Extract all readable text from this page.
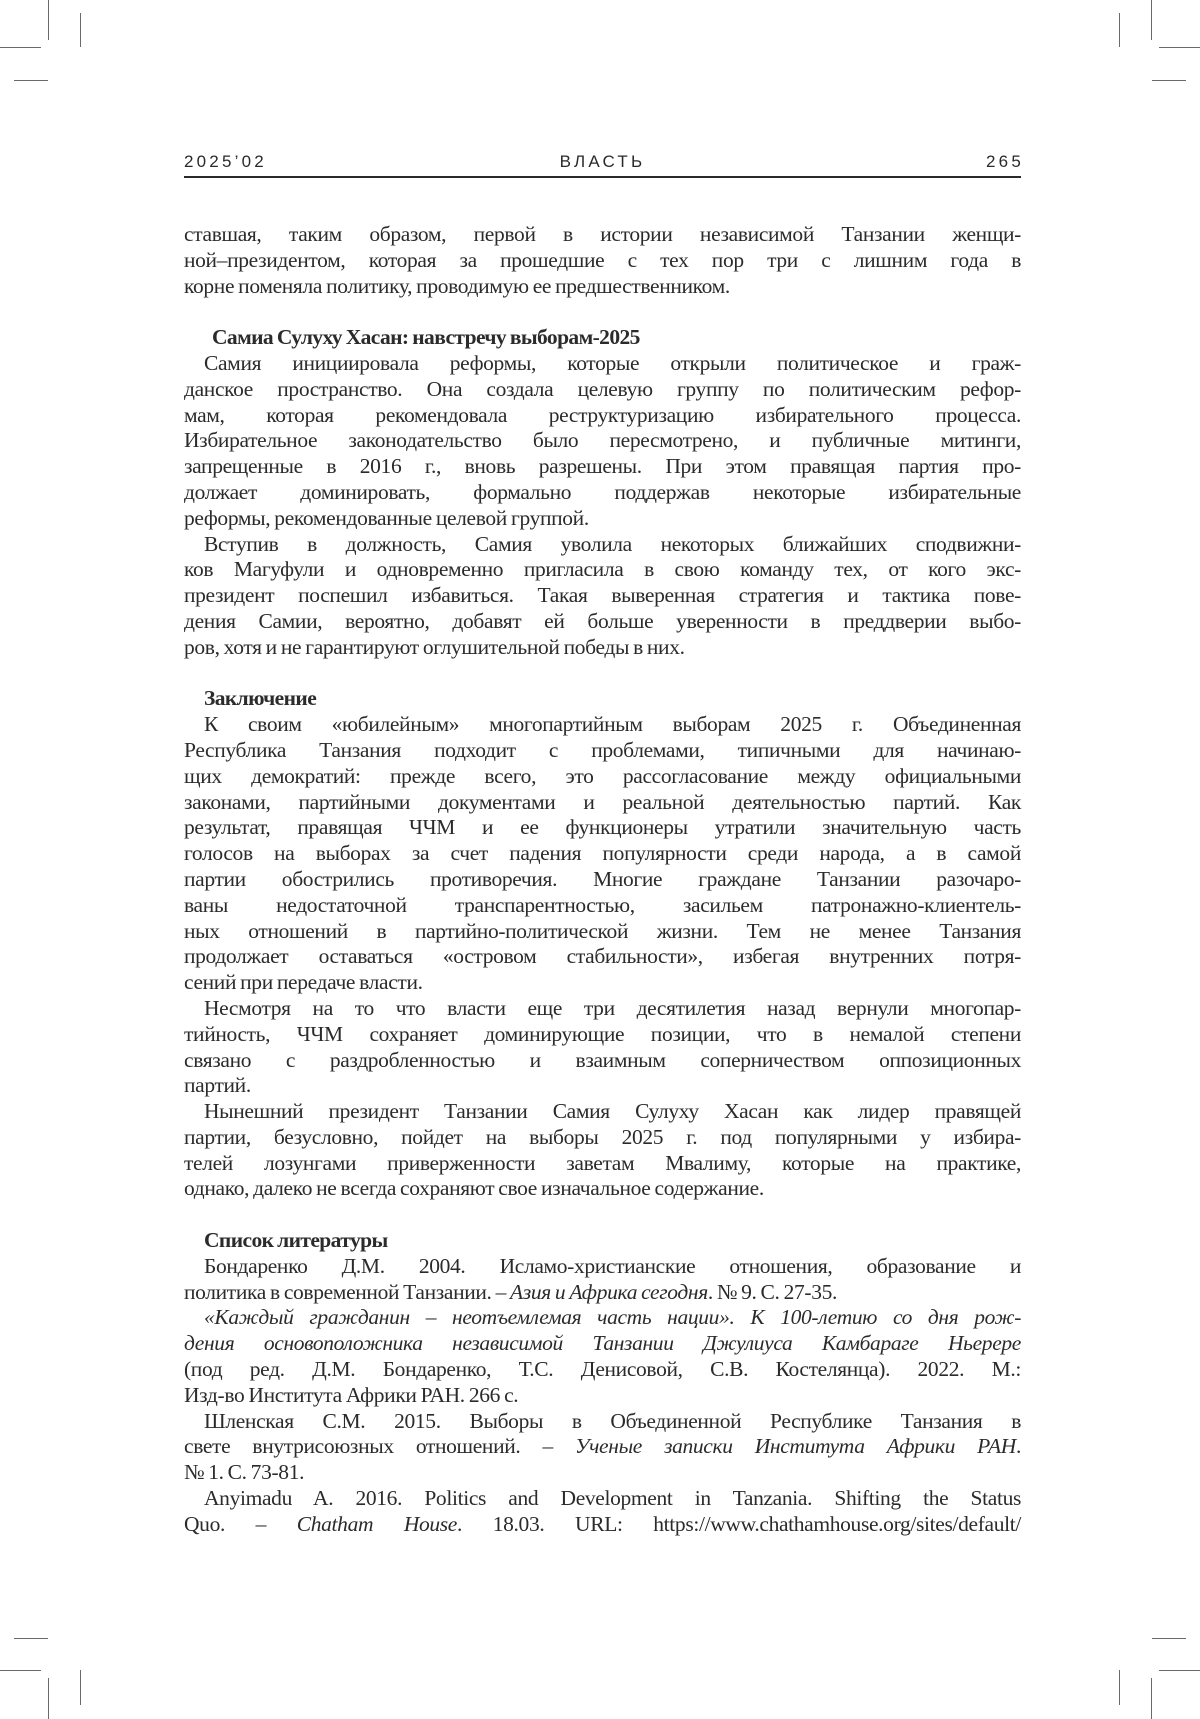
2025’02	ВЛАСТЬ	265
ставшая, таким образом, первой в истории независимой Танзании женщи-
ной–президентом, которая за прошедшие с тех пор три с лишним года в
корне поменяла политику, проводимую ее предшественником.
Самиа Сулуху Хасан: навстречу выборам-2025
Самия инициировала реформы, которые открыли политическое и граж-
данское пространство. Она создала целевую группу по политическим рефор-
мам, которая рекомендовала реструктуризацию избирательного процесса.
Избирательное законодательство было пересмотрено, и публичные митинги,
запрещенные в 2016 г., вновь разрешены. При этом правящая партия про-
должает доминировать, формально поддержав некоторые избирательные
реформы, рекомендованные целевой группой.
Вступив в должность, Самия уволила некоторых ближайших сподвижни-
ков Магуфули и одновременно пригласила в свою команду тех, от кого экс-
президент поспешил избавиться. Такая выверенная стратегия и тактика пове-
дения Самии, вероятно, добавят ей больше уверенности в преддверии выбо-
ров, хотя и не гарантируют оглушительной победы в них.
Заключение
К своим «юбилейным» многопартийным выборам 2025 г. Объединенная
Республика Танзания подходит с проблемами, типичными для начинаю-
щих демократий: прежде всего, это рассогласование между официальными
законами, партийными документами и реальной деятельностью партий. Как
результат, правящая ЧЧМ и ее функционеры утратили значительную часть
голосов на выборах за счет падения популярности среди народа, а в самой
партии обострились противоречия. Многие граждане Танзании разочаро-
ваны недостаточной транспарентностью, засильем патронажно-клиентель-
ных отношений в партийно-политической жизни. Тем не менее Танзания
продолжает оставаться «островом стабильности», избегая внутренних потря-
сений при передаче власти.
Несмотря на то что власти еще три десятилетия назад вернули многопар-
тийность, ЧЧМ сохраняет доминирующие позиции, что в немалой степени
связано с раздробленностью и взаимным соперничеством оппозиционных
партий.
Нынешний президент Танзании Самия Сулуху Хасан как лидер правящей
партии, безусловно, пойдет на выборы 2025 г. под популярными у избира-
телей лозунгами приверженности заветам Мвалиму, которые на практике,
однако, далеко не всегда сохраняют свое изначальное содержание.
Список литературы
Бондаренко Д.М. 2004. Исламо-христианские отношения, образование и
политика в современной Танзании. – Азия и Африка сегодня. № 9. С. 27-35.
«Каждый гражданин – неотъемлемая часть нации». К 100-летию со дня рож-
дения основоположника независимой Танзании Джулиуса Камбараге Ньерере
(под ред. Д.М. Бондаренко, Т.С. Денисовой, С.В. Костелянца). 2022. М.:
Изд-во Института Африки РАН. 266 с.
Шленская С.М. 2015. Выборы в Объединенной Республике Танзания в
свете внутрисоюзных отношений. – Ученые записки Института Африки РАН.
№ 1. С. 73-81.
Anyimadu A. 2016. Politics and Development in Tanzania. Shifting the Status
Quo. – Chatham House. 18.03. URL: https://www.chathamhouse.org/sites/default/
